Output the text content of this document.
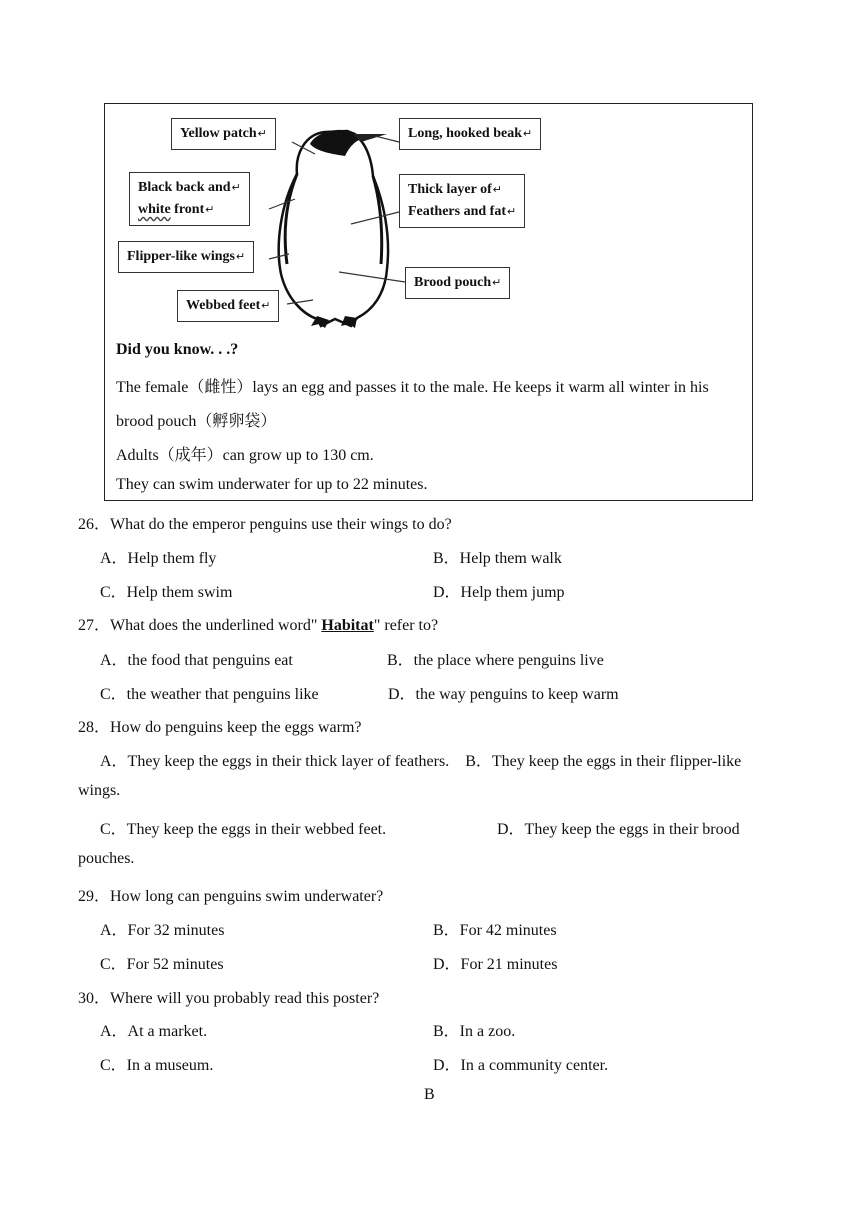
Yellow patch↵	Long, hooked beak↵
Black back and↵
white front↵
Thick layer of↵
Feathers and fat↵
Flipper-like wings↵
Brood pouch↵
Webbed feet↵
Did you know. . .?
The female（雌性）lays an egg and passes it to the male. He keeps it warm all winter in his
brood pouch（孵卵袋）
Adults（成年）can grow up to 130 cm.
They can swim underwater for up to 22 minutes.
26．What do the emperor penguins use their wings to do?
A．Help them fly	B．Help them walk
C．Help them swim	D．Help them jump
27．What does the underlined word" Habitat" refer to?
A．the food that penguins eat	B．the place where penguins live
C．the weather that penguins like	D．the way penguins to keep warm
28．How do penguins keep the eggs warm?
A．They keep the eggs in their thick layer of feathers.    B．They keep the eggs in their flipper-like
wings.
C．They keep the eggs in their webbed feet.	D．They keep the eggs in their brood
pouches.
29．How long can penguins swim underwater?
A．For 32 minutes	B．For 42 minutes
C．For 52 minutes	D．For 21 minutes
30．Where will you probably read this poster?
A．At a market.	B．In a zoo.
C．In a museum.	D．In a community center.
B
